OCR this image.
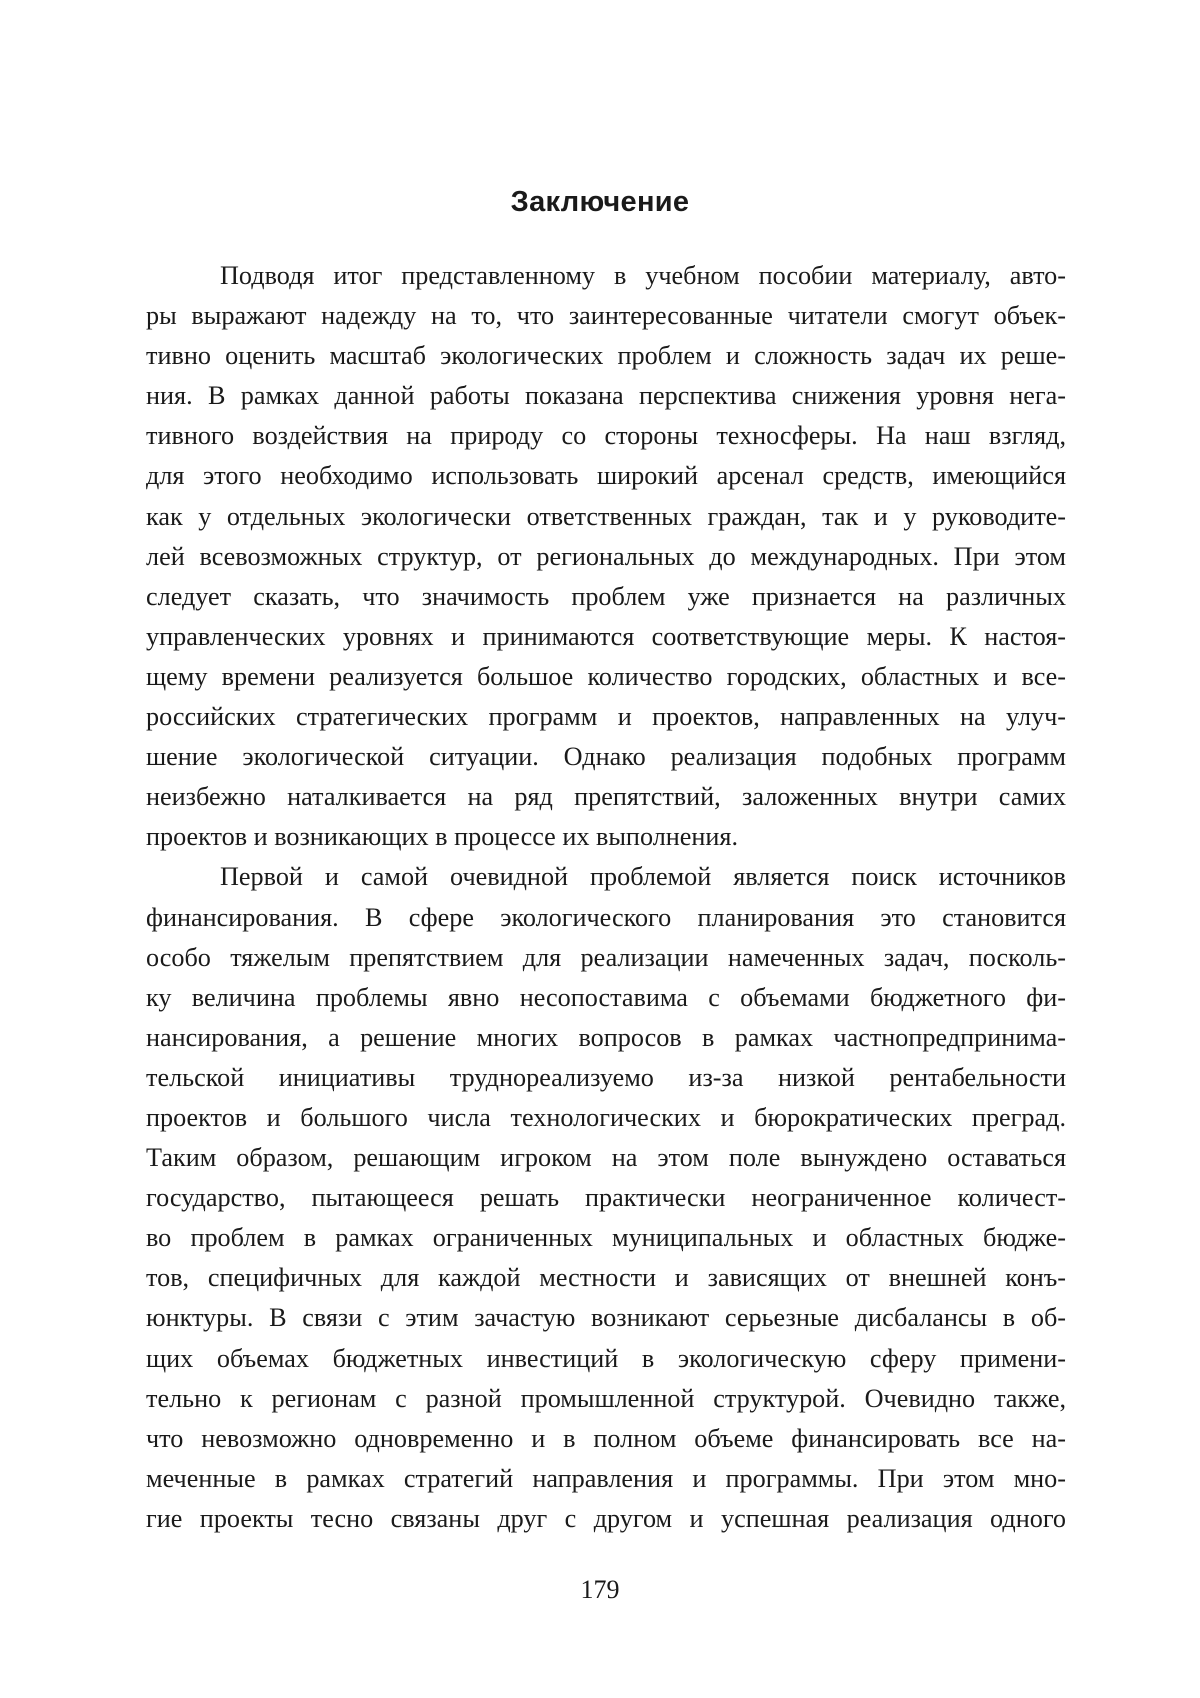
Заключение
Подводя итог представленному в учебном пособии материалу, авто-
ры выражают надежду на то, что заинтересованные читатели смогут объек-
тивно оценить масштаб экологических проблем и сложность задач их реше-
ния. В рамках данной работы показана перспектива снижения уровня нега-
тивного воздействия на природу со стороны техносферы. На наш взгляд,
для этого необходимо использовать широкий арсенал средств, имеющийся
как у отдельных экологически ответственных граждан, так и у руководите-
лей всевозможных структур, от региональных до международных. При этом
следует сказать, что значимость проблем уже признается на различных
управленческих уровнях и принимаются соответствующие меры. К настоя-
щему времени реализуется большое количество городских, областных и все-
российских стратегических программ и проектов, направленных на улуч-
шение экологической ситуации. Однако реализация подобных программ
неизбежно наталкивается на ряд препятствий, заложенных внутри самих
проектов и возникающих в процессе их выполнения.
Первой и самой очевидной проблемой является поиск источников
финансирования. В сфере экологического планирования это становится
особо тяжелым препятствием для реализации намеченных задач, посколь-
ку величина проблемы явно несопоставима с объемами бюджетного фи-
нансирования, а решение многих вопросов в рамках частнопредпринима-
тельской инициативы труднореализуемо из-за низкой рентабельности
проектов и большого числа технологических и бюрократических преград.
Таким образом, решающим игроком на этом поле вынуждено оставаться
государство, пытающееся решать практически неограниченное количест-
во проблем в рамках ограниченных муниципальных и областных бюдже-
тов, специфичных для каждой местности и зависящих от внешней конъ-
юнктуры. В связи с этим зачастую возникают серьезные дисбалансы в об-
щих объемах бюджетных инвестиций в экологическую сферу примени-
тельно к регионам с разной промышленной структурой. Очевидно также,
что невозможно одновременно и в полном объеме финансировать все на-
меченные в рамках стратегий направления и программы. При этом мно-
гие проекты тесно связаны друг с другом и успешная реализация одного
179
